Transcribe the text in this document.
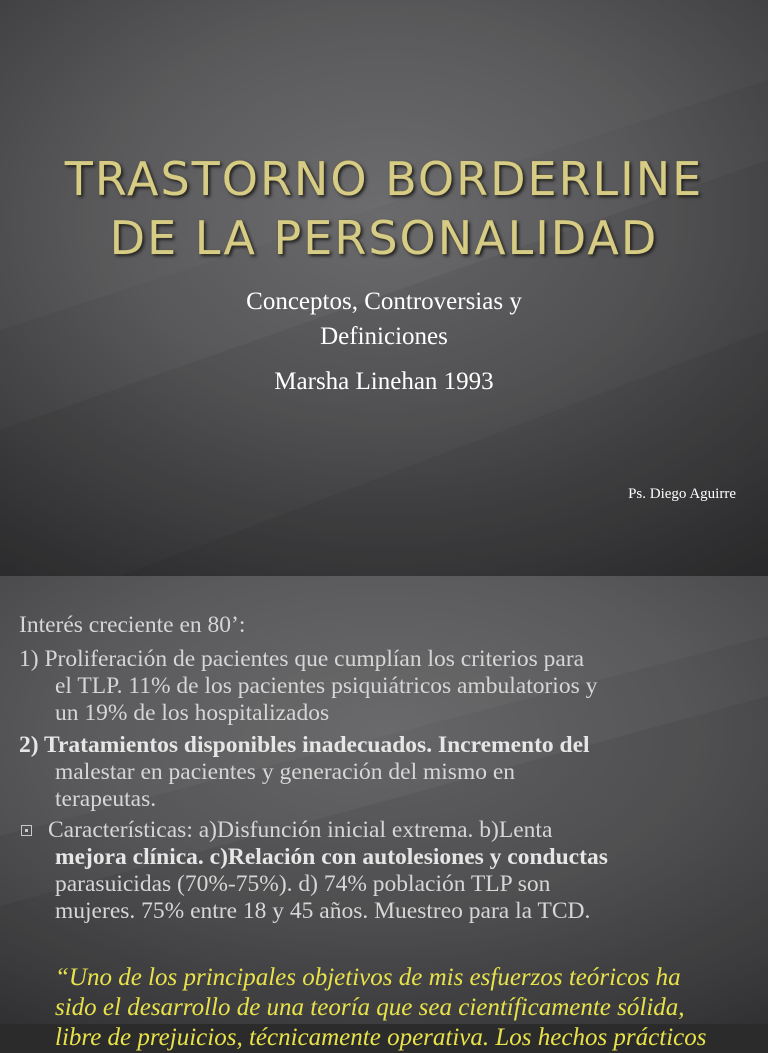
TRASTORNO BORDERLINE
DE LA PERSONALIDAD
Conceptos, Controversias y
Definiciones
Marsha Linehan 1993
Ps. Diego Aguirre
Interés creciente en 80’:
1) Proliferación de pacientes que cumplían los criterios para
el TLP. 11% de los pacientes psiquiátricos ambulatorios y
un 19% de los hospitalizados
2) Tratamientos disponibles inadecuados. Incremento del
malestar en pacientes y generación del mismo en
terapeutas.
Características: a)Disfunción inicial extrema. b)Lenta
mejora clínica. c)Relación con autolesiones y conductas
parasuicidas (70%-75%). d) 74% población TLP son
mujeres. 75% entre 18 y 45 años. Muestreo para la TCD.
“Uno de los principales objetivos de mis esfuerzos teóricos ha
sido el desarrollo de una teoría que sea científicamente sólida,
libre de prejuicios, técnicamente operativa. Los hechos prácticos
